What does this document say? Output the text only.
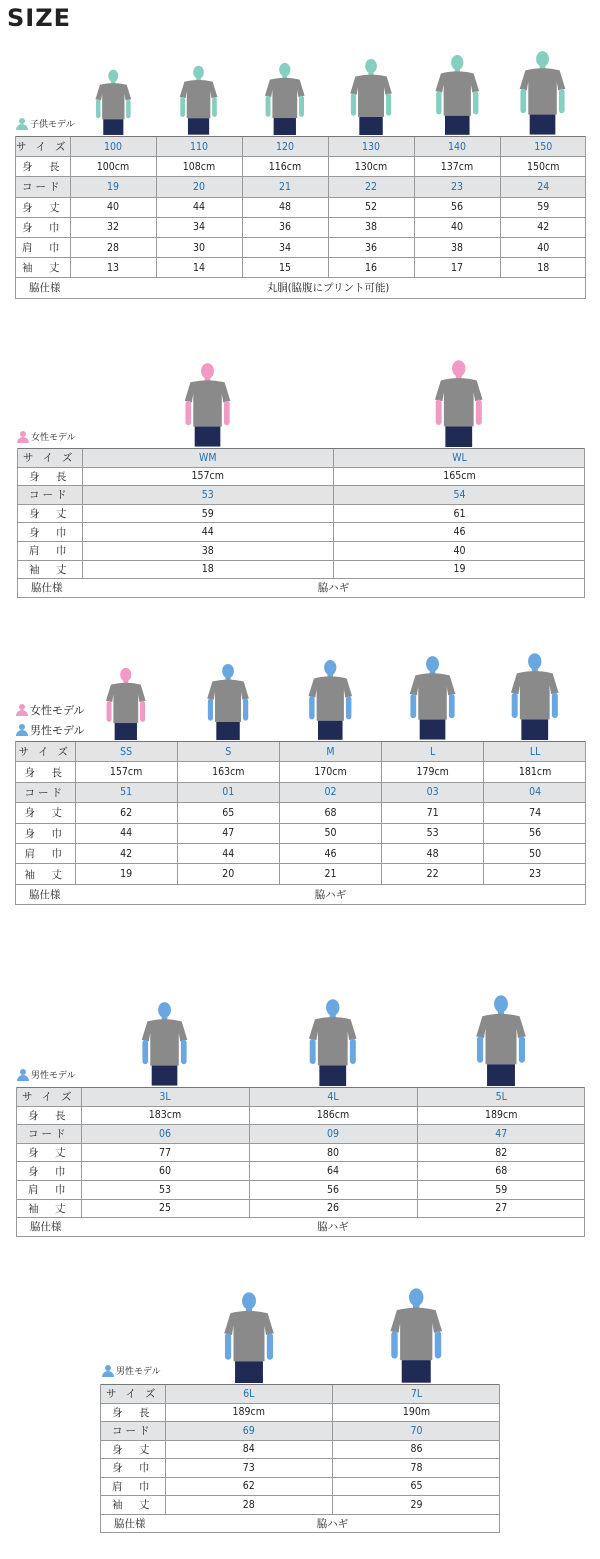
SIZE
子供モデル
サ イ ズ	100	110	120	130	140	150
身　長	100cm	108cm	116cm	130cm	137cm	150cm
コード	19	20	21	22	23	24
身　丈	40	44	48	52	56	59
身　巾	32	34	36	38	40	42
肩　巾	28	30	34	36	38	40
袖　丈	13	14	15	16	17	18
脇仕様	丸胴(脇腹にプリント可能)					
女性モデル
サ イ ズ	WM	WL
身　長	157cm	165cm
コード	53	54
身　丈	59	61
身　巾	44	46
肩　巾	38	40
袖　丈	18	19
脇仕様	脇ハギ	
女性モデル
男性モデル
サ イ ズ	SS	S	M	L	LL
身　長	157cm	163cm	170cm	179cm	181cm
コード	51	01	02	03	04
身　丈	62	65	68	71	74
身　巾	44	47	50	53	56
肩　巾	42	44	46	48	50
袖　丈	19	20	21	22	23
脇仕様	脇ハギ				
男性モデル
サ イ ズ	3L	4L	5L
身　長	183cm	186cm	189cm
コード	06	09	47
身　丈	77	80	82
身　巾	60	64	68
肩　巾	53	56	59
袖　丈	25	26	27
脇仕様	脇ハギ		
男性モデル
サ イ ズ	6L	7L
身　長	189cm	190m
コード	69	70
身　丈	84	86
身　巾	73	78
肩　巾	62	65
袖　丈	28	29
脇仕様	脇ハギ	
